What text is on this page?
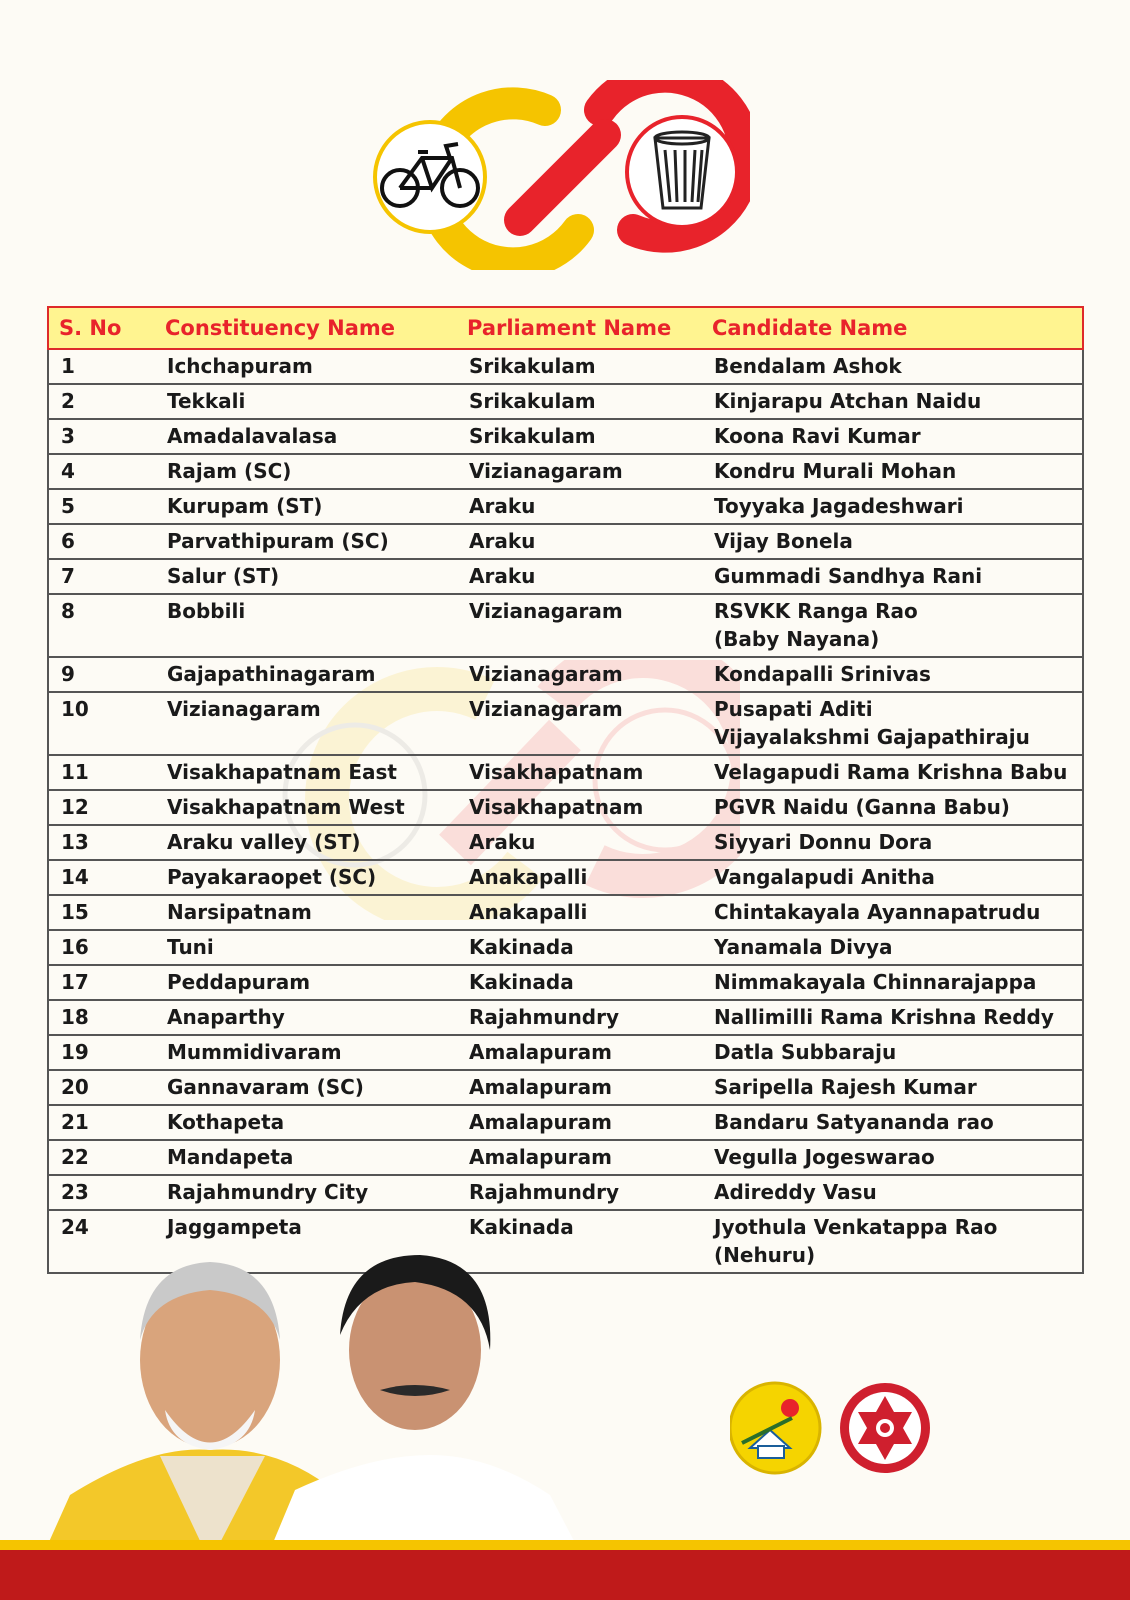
S. No	Constituency Name	Parliament Name	Candidate Name

1	Ichchapuram	Srikakulam	Bendalam Ashok

2	Tekkali	Srikakulam	Kinjarapu Atchan Naidu

3	Amadalavalasa	Srikakulam	Koona Ravi Kumar

4	Rajam (SC)	Vizianagaram	Kondru Murali Mohan

5	Kurupam (ST)	Araku	Toyyaka Jagadeshwari

6	Parvathipuram (SC)	Araku	Vijay Bonela

7	Salur (ST)	Araku	Gummadi Sandhya Rani

8	Bobbili	Vizianagaram	RSVKK Ranga Rao
(Baby Nayana)

9	Gajapathinagaram	Vizianagaram	Kondapalli Srinivas

10	Vizianagaram	Vizianagaram	Pusapati Aditi
Vijayalakshmi Gajapathiraju

11	Visakhapatnam East	Visakhapatnam	Velagapudi Rama Krishna Babu

12	Visakhapatnam West	Visakhapatnam	PGVR Naidu (Ganna Babu)

13	Araku valley (ST)	Araku	Siyyari Donnu Dora

14	Payakaraopet (SC)	Anakapalli	Vangalapudi Anitha

15	Narsipatnam	Anakapalli	Chintakayala Ayannapatrudu

16	Tuni	Kakinada	Yanamala Divya

17	Peddapuram	Kakinada	Nimmakayala Chinnarajappa

18	Anaparthy	Rajahmundry	Nallimilli Rama Krishna Reddy

19	Mummidivaram	Amalapuram	Datla Subbaraju

20	Gannavaram (SC)	Amalapuram	Saripella Rajesh Kumar

21	Kothapeta	Amalapuram	Bandaru Satyananda rao

22	Mandapeta	Amalapuram	Vegulla Jogeswarao

23	Rajahmundry City	Rajahmundry	Adireddy Vasu

24	Jaggampeta	Kakinada	Jyothula Venkatappa Rao
(Nehuru)
